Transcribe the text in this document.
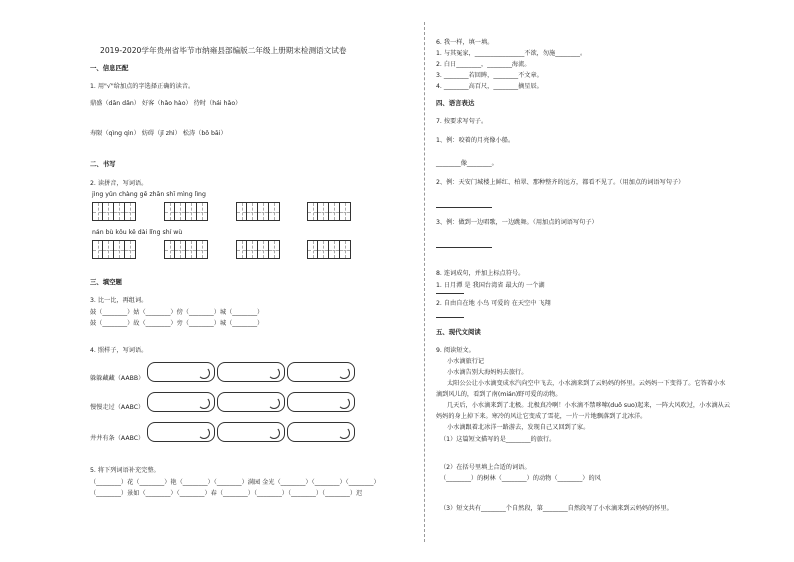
2019-2020学年贵州省毕节市纳雍县部编版二年级上册期末检测语文试卷
一、信息匹配
1. 用"√"给加点的字选择正确的读音。
鼎盛（dān dǎn） 好客（hǎo hào） 待时（hái hǎo）
寿限（qìng qìn） 妨碍（jǐ zhì） 松涛（bō bāi）
二、书写
2. 读拼音，写词语。
jìng yǔn chàng gē zhān shī mìng lìng
nán bù kǒu kě dài lǐng shí wù
三、填空题
3. 比一比，再组词。
鼓（________）姑（________）傍（________）城（________）
鼓（________）故（________）旁（________）城（________）
4. 照样子，写词语。
躲躲藏藏（AABB）
慢慢走过（AABC）
井井有条（AABC）
5. 将下列词语补充完整。
（________）花（________）艳（________）（________）满园 金光（________）（________）（________）
（________）景如（________）（________）春（________）（________）（________）（________）迟
6. 我一样，填一填。
1. 与其冤家，________________不欲，勿施________。
2. 白日________，________海流。
3. ________若回眸，________不文章。
4. ________高百尺，________摘星辰。
四、语言表达
7. 按要求写句子。
1、例：咬着的月亮像小船。
________像________。
2、例：天安门城楼上鲜红、柏翠、那种整齐的远方，都看不见了。（用加点的词语写句子）
3、例：做到一边唱歌，一边跳舞。（用加点的词语写句子）
8. 连词成句，并加上标点符号。
1. 日月潭 是 我国台湾省 最大的 一个湖
2. 自由自在地 小鸟 可爱的 在天空中 飞翔
五、现代文阅读
9. 阅读短文。
小水滴旅行记
小水滴告别大海妈妈去旅行。
太阳公公让小水滴变成水汽向空中飞去，小水滴来到了云妈妈的怀里。云妈妈一下变得了。它答着小水
滴到风儿的，看到了南(mián)野可爱的动物。
几天后，小水滴来到了北极。北极真冷啊！小水滴不禁哆嗦(duō suo)起来，一阵大风吹过，小水滴从云
妈妈的身上掉下来。寒冷的风让它变成了雪花，一片一片地飘落到了北冰洋。
小水滴跟着北冰洋一路游去，发现自己又回到了家。
（1）这篇短文描写的是________的旅行。
（2）在括号里填上合适的词语。
（________）的树林（________）的动物（________）的风
（3）短文共有________个自然段，第________自然段写了小水滴来到云妈妈的怀里。
